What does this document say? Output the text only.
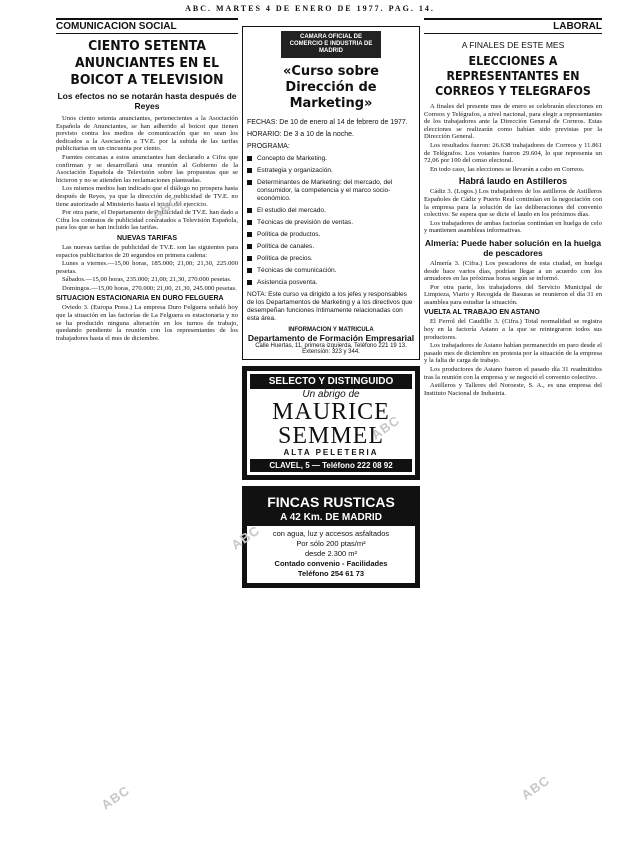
ABC. MARTES 4 DE ENERO DE 1977. PAG. 14.
COMUNICACION SOCIAL
CIENTO SETENTA ANUNCIANTES EN EL BOICOT A TELEVISION
Los efectos no se notarán hasta después de Reyes

Unos ciento setenta anunciantes, pertenecientes a la Asociación Española de Anunciantes, se han adherido al boicot que tienen previsto contra los medios de comunicación que no sean los dedicados a la Asociación a TV.E. por la subida de las tarifas publicitarias en un cincuenta por ciento.

Fuentes cercanas a estos anunciantes han declarado a Cifra que confirman y se desarrollará una reunión al Gobierno de la Asociación Española de Televisión sobre las propuestas que se hicieron y no se atienden las reclamaciones planteadas.

Los mismos medios han indicado que el diálogo no prospera hasta después de Reyes, ya que la dirección de publicidad de TV.E. no tiene autorizado al Ministerio hasta el inicio del ejercicio.

Por otra parte, el Departamento de Publicidad de TV.E. han dado a Cifra los contratos de publicidad contratados a Televisión Española, para los que se han incluido las tarifas.

NUEVAS TARIFAS

Las nuevas tarifas de publicidad de TV.E. son las siguientes para espacios publicitarios de 20 segundos en primera cadena:

Lunes a viernes.—15,00 horas, 185.000; 21,00; 21,30, 225.000 pesetas.

Sábados.—15,00 horas, 235.000; 21,00; 21,30, 270.000 pesetas.

Domingos.—15,00 horas, 270.000; 21,00, 21,30, 245.000 pesetas.

SITUACION ESTACIONARIA EN DURO FELGUERA

Oviedo 3. (Europa Press.) La empresa Duro Felguera señaló hoy que la situación en las factorías de La Felguera es estacionaria y no se ha producido ninguna alteración en los turnos de trabajo, quedando pendiente la reunión con los representantes de los trabajadores hasta el mes de diciembre.

CAMARA OFICIAL DE COMERCIO E INDUSTRIA DE MADRID
«Curso sobre Dirección de Marketing»
FECHAS: De 10 de enero al 14 de febrero de 1977.
HORARIO: De 3 a 10 de la noche.
PROGRAMA:
Concepto de Marketing.
Estrategia y organización.
Determinantes de Marketing: del mercado, del consumidor, la competencia y el marco socio-económico.
El estudio del mercado.
Técnicas de previsión de ventas.
Política de productos.
Política de canales.
Política de precios.
Técnicas de comunicación.
Asistencia posventa.
NOTA: Este curso va dirigido a los jefes y responsables de los Departamentos de Marketing y a los directivos que desempeñan funciones íntimamente relacionadas con esta área.
INFORMACION Y MATRICULA
Departamento de Formación Empresarial
Calle Huertas, 11, primera izquierda. Teléfono 221 19 13. Extensión: 323 y 344.
SELECTO Y DISTINGUIDO
Un abrigo de
MAURICE
SEMMEL
ALTA PELETERIA
CLAVEL, 5 — Teléfono 222 08 92
FINCAS RUSTICAS
A 42 Km. DE MADRID
con agua, luz y accesos asfaltados
Por sólo 200 ptas/m²
desde 2.300 m²
Contado convenio - Facilidades
Teléfono 254 61 73
LABORAL
A FINALES DE ESTE MES
ELECCIONES A REPRESENTANTES EN CORREOS Y TELEGRAFOS

A finales del presente mes de enero se celebrarán elecciones en Correos y Telégrafos, a nivel nacional, para elegir a representantes de los trabajadores ante la Dirección General de Correos. Estas elecciones se realizarán como habían sido previstas por la Dirección General.

Los resultados fueron: 26.638 trabajadores de Correos y 11.861 de Telégrafos. Los votantes fueron 29.604, lo que representa un 72,06 por 100 del censo electoral.

En todo caso, las elecciones se llevarán a cabo en Correos.

Habrá laudo en Astilleros

Cádiz 3. (Logos.) Los trabajadores de los astilleros de Astilleros Españoles de Cádiz y Puerto Real continúan en la negociación con la empresa para la solución de las deliberaciones del convenio colectivo. Se espera que se dicte el laudo en los próximos días.

Los trabajadores de ambas factorías continúan en huelga de celo y mantienen asambleas informativas.

Almería: Puede haber solución en la huelga de pescadores

Almería 3. (Cifra.) Los pescadores de esta ciudad, en huelga desde hace varios días, podrían llegar a un acuerdo con los armadores en las próximas horas según se informó.

Por otra parte, los trabajadores del Servicio Municipal de Limpieza, Viario y Recogida de Basuras se reunieron el día 31 en asamblea para estudiar la situación.

VUELTA AL TRABAJO EN ASTANO

El Ferrol del Caudillo 3. (Cifra.) Total normalidad se registra hoy en la factoría Astano a la que se reintegraron todos sus productores.

Los trabajadores de Astano habían permanecido en paro desde el pasado mes de diciembre en protesta por la situación de la empresa y la falta de carga de trabajo.

Los productores de Astano fueron el pasado día 31 readmitidos tras la reunión con la empresa y se negoció el convenio colectivo.

Astilleros y Talleres del Noroeste, S. A., es una empresa del Instituto Nacional de Industria.

ABC
ABC
ABC
ABC
ABC
